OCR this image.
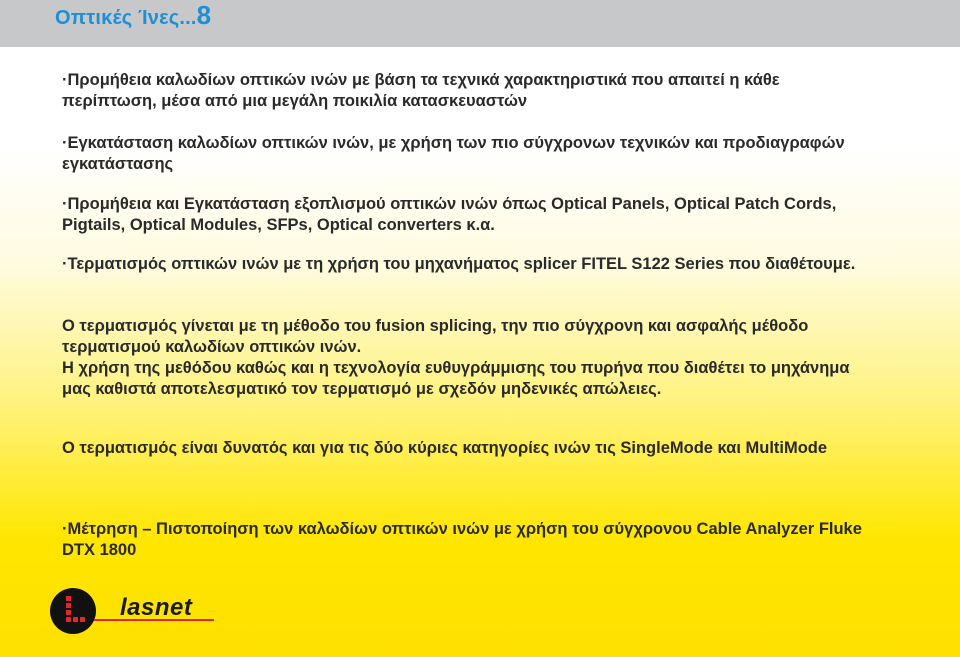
Οπτικές Ίνες...8

·Προμήθεια καλωδίων οπτικών ινών με βάση τα τεχνικά χαρακτηριστικά που απαιτεί η κάθε περίπτωση, μέσα από μια μεγάλη ποικιλία κατασκευαστών

·Εγκατάσταση καλωδίων οπτικών ινών, με χρήση των πιο σύγχρονων τεχνικών και προδιαγραφών εγκατάστασης

·Προμήθεια και Εγκατάσταση εξοπλισμού οπτικών ινών όπως Optical Panels, Optical Patch Cords, Pigtails, Optical Modules, SFPs, Optical converters κ.α.

·Τερματισμός οπτικών ινών με τη χρήση του μηχανήματος splicer FITEL S122 Series που διαθέτουμε.

Ο τερματισμός γίνεται με τη μέθοδο του fusion splicing, την πιο σύγχρονη και ασφαλής μέθοδο τερματισμού καλωδίων οπτικών ινών.

Η χρήση της μεθόδου καθώς και η τεχνολογία ευθυγράμμισης του πυρήνα που διαθέτει το μηχάνημα μας καθιστά αποτελεσματικό τον τερματισμό με σχεδόν μηδενικές απώλειες.

Ο τερματισμός είναι δυνατός και για τις δύο κύριες κατηγορίες ινών τις SingleMode και MultiMode

·Μέτρηση – Πιστοποίηση των καλωδίων οπτικών ινών με χρήση του σύγχρονου Cable Analyzer Fluke DTX 1800

lasnet
